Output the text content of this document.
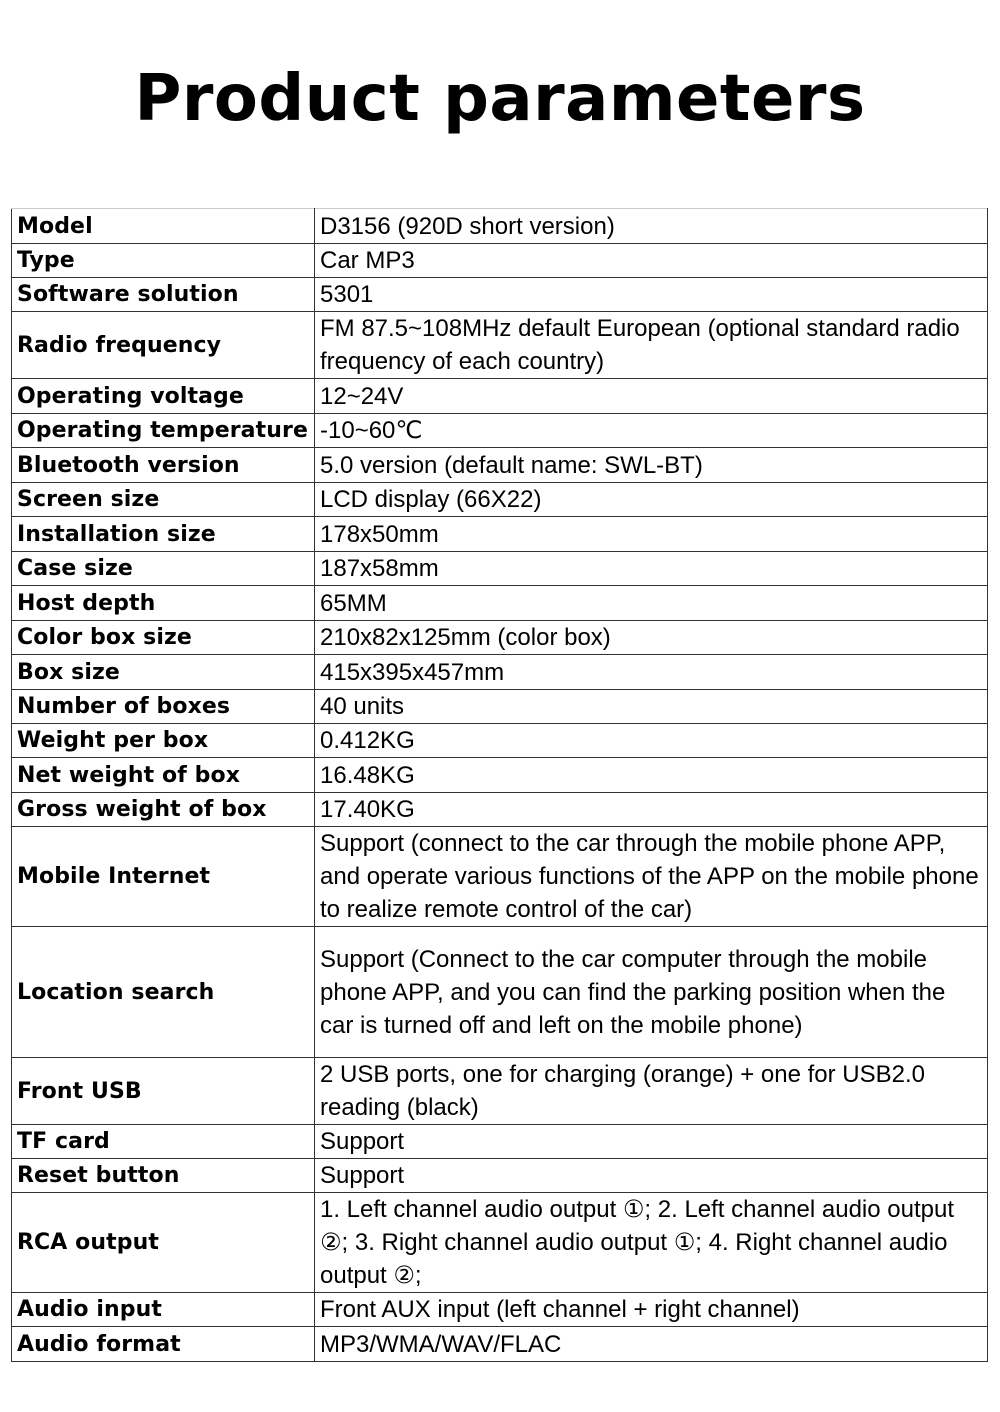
Product parameters
Model	D3156 (920D short version)
Type	Car MP3
Software solution	5301
Radio frequency	FM 87.5~108MHz default European (optional standard radio frequency of each country)
Operating voltage	12~24V
Operating temperature	-10~60℃
Bluetooth version	5.0 version (default name: SWL-BT)
Screen size	LCD display (66X22)
Installation size	178x50mm
Case size	187x58mm
Host depth	65MM
Color box size	210x82x125mm (color box)
Box size	415x395x457mm
Number of boxes	40 units
Weight per box	0.412KG
Net weight of box	16.48KG
Gross weight of box	17.40KG
Mobile Internet	Support (connect to the car through the mobile phone APP, and operate various functions of the APP on the mobile phone to realize remote control of the car)
Location search	Support (Connect to the car computer through the mobile phone APP, and you can find the parking position when the car is turned off and left on the mobile phone)
Front USB	2 USB ports, one for charging (orange) + one for USB2.0 reading (black)
TF card	Support
Reset button	Support
RCA output	1. Left channel audio output ①; 2. Left channel audio output ②; 3. Right channel audio output ①; 4. Right channel audio output ②;
Audio input	Front AUX input (left channel + right channel)
Audio format	MP3/WMA/WAV/FLAC
